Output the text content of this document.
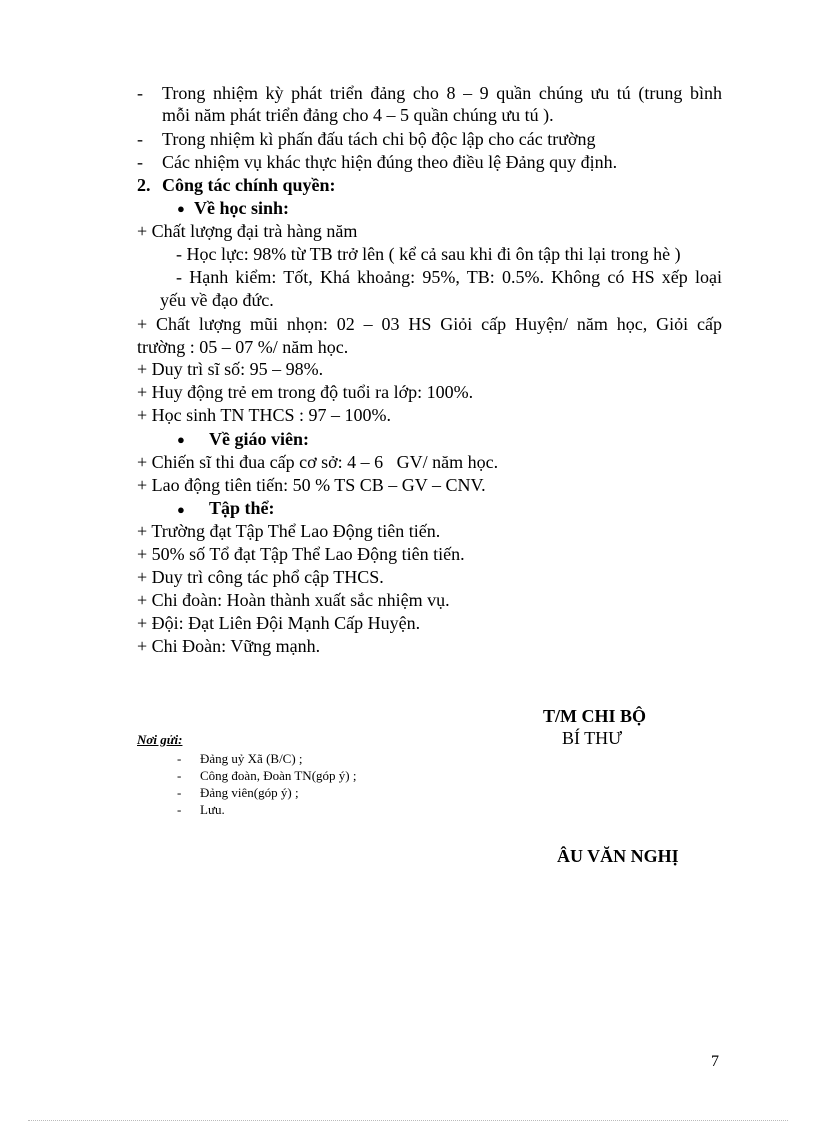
- Trong nhiệm kỳ phát triển đảng cho 8 – 9 quần chúng ưu tú (trung bình
mỗi năm phát triển đảng cho 4 – 5 quần chúng ưu tú ).
- Trong nhiệm kì phấn đấu tách chi bộ độc lập cho các trường
- Các nhiệm vụ khác thực hiện đúng theo điều lệ Đảng quy định.
2. Công tác chính quyền:
● Về học sinh:
+ Chất lượng đại trà hàng năm
- Học lực: 98% từ TB trở lên ( kể cả sau khi đi ôn tập thi lại trong hè )
- Hạnh kiểm: Tốt, Khá khoảng: 95%, TB: 0.5%. Không có HS xếp loại
yếu về đạo đức.
+ Chất lượng mũi nhọn: 02 – 03 HS Giỏi cấp Huyện/ năm học, Giỏi cấp
trường : 05 – 07 %/ năm học.
+ Duy trì sĩ số: 95 – 98%.
+ Huy động trẻ em trong độ tuổi ra lớp: 100%.
+ Học sinh TN THCS : 97 – 100%.
● Về giáo viên:
+ Chiến sĩ thi đua cấp cơ sở: 4 – 6   GV/ năm học.
+ Lao động tiên tiến: 50 % TS CB – GV – CNV.
● Tập thể:
+ Trường đạt Tập Thể Lao Động tiên tiến.
+ 50% số Tổ đạt Tập Thể Lao Động tiên tiến.
+ Duy trì công tác phổ cập THCS.
+ Chi đoàn: Hoàn thành xuất sắc nhiệm vụ.
+ Đội: Đạt Liên Đội Mạnh Cấp Huyện.
+ Chi Đoàn: Vững mạnh.
T/M CHI BỘ
BÍ THƯ
ÂU VĂN NGHỊ
Nơi gửi:
- Đảng uỷ Xã (B/C) ;
- Công đoàn, Đoàn TN(góp ý) ;
- Đảng viên(góp ý) ;
- Lưu.
7
